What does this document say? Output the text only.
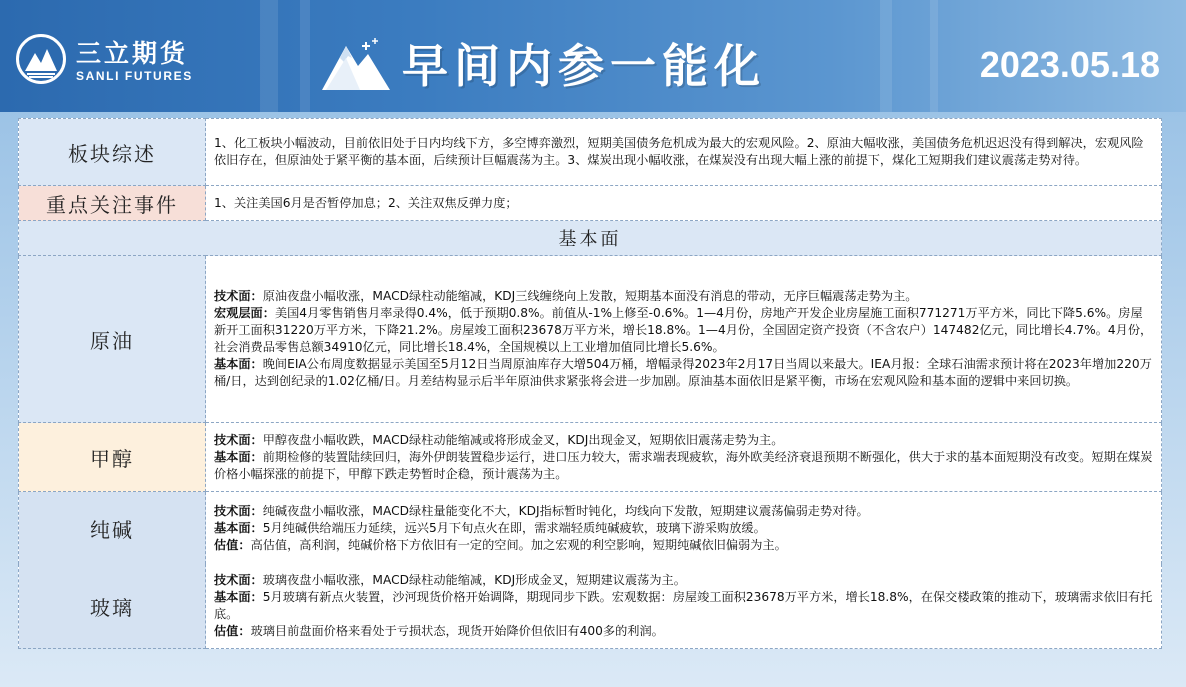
三立期货
SANLI FUTURES	早间内参一能化	2023.05.18
板块综述	1、化工板块小幅波动，目前依旧处于日内均线下方，多空博弈激烈，短期美国债务危机成为最大的宏观风险。2、原油大幅收涨，美国债务危机迟迟没有得到解决，宏观风险依旧存在，但原油处于紧平衡的基本面，后续预计巨幅震荡为主。3、煤炭出现小幅收涨，在煤炭没有出现大幅上涨的前提下，煤化工短期我们建议震荡走势对待。
重点关注事件	1、关注美国6月是否暂停加息；2、关注双焦反弹力度；
基本面	
原油	技术面：原油夜盘小幅收涨，MACD绿柱动能缩减，KDJ三线缠绕向上发散，短期基本面没有消息的带动，无序巨幅震荡走势为主。
宏观层面：美国4月零售销售月率录得0.4%，低于预期0.8%。前值从-1%上修至-0.6%。1—4月份，房地产开发企业房屋施工面积771271万平方米，同比下降5.6%。房屋新开工面积31220万平方米，下降21.2%。房屋竣工面积23678万平方米，增长18.8%。1—4月份，全国固定资产投资（不含农户）147482亿元，同比增长4.7%。4月份，社会消费品零售总额34910亿元，同比增长18.4%，全国规模以上工业增加值同比增长5.6%。
基本面：晚间EIA公布周度数据显示美国至5月12日当周原油库存大增504万桶，增幅录得2023年2月17日当周以来最大。IEA月报：全球石油需求预计将在2023年增加220万桶/日，达到创纪录的1.02亿桶/日。月差结构显示后半年原油供求紧张将会进一步加剧。原油基本面依旧是紧平衡，市场在宏观风险和基本面的逻辑中来回切换。
甲醇	技术面：甲醇夜盘小幅收跌，MACD绿柱动能缩减或将形成金叉，KDJ出现金叉，短期依旧震荡走势为主。
基本面：前期检修的装置陆续回归，海外伊朗装置稳步运行，进口压力较大，需求端表现疲软，海外欧美经济衰退预期不断强化，供大于求的基本面短期没有改变。短期在煤炭价格小幅探涨的前提下，甲醇下跌走势暂时企稳，预计震荡为主。
纯碱	技术面：纯碱夜盘小幅收涨，MACD绿柱量能变化不大，KDJ指标暂时钝化，均线向下发散，短期建议震荡偏弱走势对待。
基本面：5月纯碱供给端压力延续，远兴5月下旬点火在即，需求端轻质纯碱疲软，玻璃下游采购放缓。
估值：高估值，高利润，纯碱价格下方依旧有一定的空间。加之宏观的利空影响，短期纯碱依旧偏弱为主。
玻璃	技术面：玻璃夜盘小幅收涨，MACD绿柱动能缩减，KDJ形成金叉，短期建议震荡为主。
基本面：5月玻璃有新点火装置，沙河现货价格开始调降，期现同步下跌。宏观数据：房屋竣工面积23678万平方米，增长18.8%，在保交楼政策的推动下，玻璃需求依旧有托底。
估值：玻璃目前盘面价格来看处于亏损状态，现货开始降价但依旧有400多的利润。
